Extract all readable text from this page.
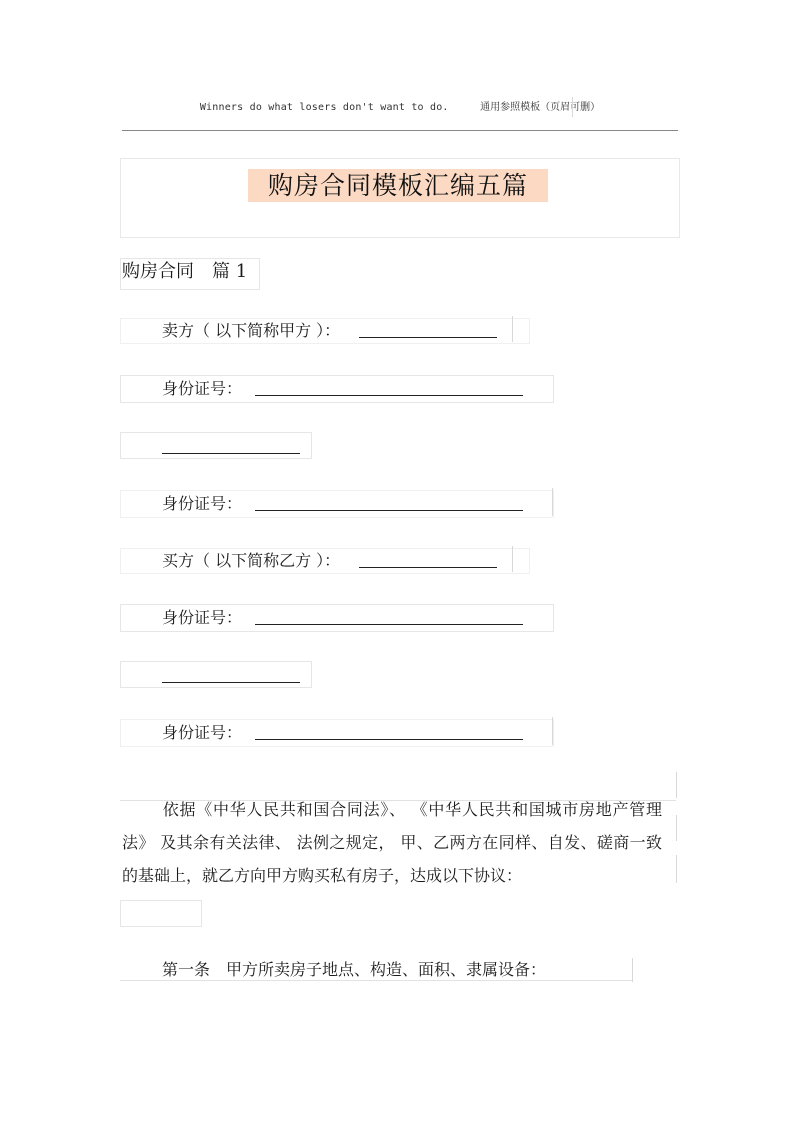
Winners do what losers don't want to do.	通用参照模板（页眉可删）
购房合同模板汇编五篇
购房合同 篇 1
卖方（ 以下简称甲方 ）：
身份证号：
身份证号：
买方（ 以下简称乙方 ）：
身份证号：
身份证号：
依据《中华人民共和国合同法》、 《中华人民共和国城市房地产管理法》 及其余有关法律、 法例之规定， 甲、乙两方在同样、自发、磋商一致的基础上，就乙方向甲方购买私有房子，达成以下协议：
第一条　甲方所卖房子地点、构造、面积、隶属设备：
